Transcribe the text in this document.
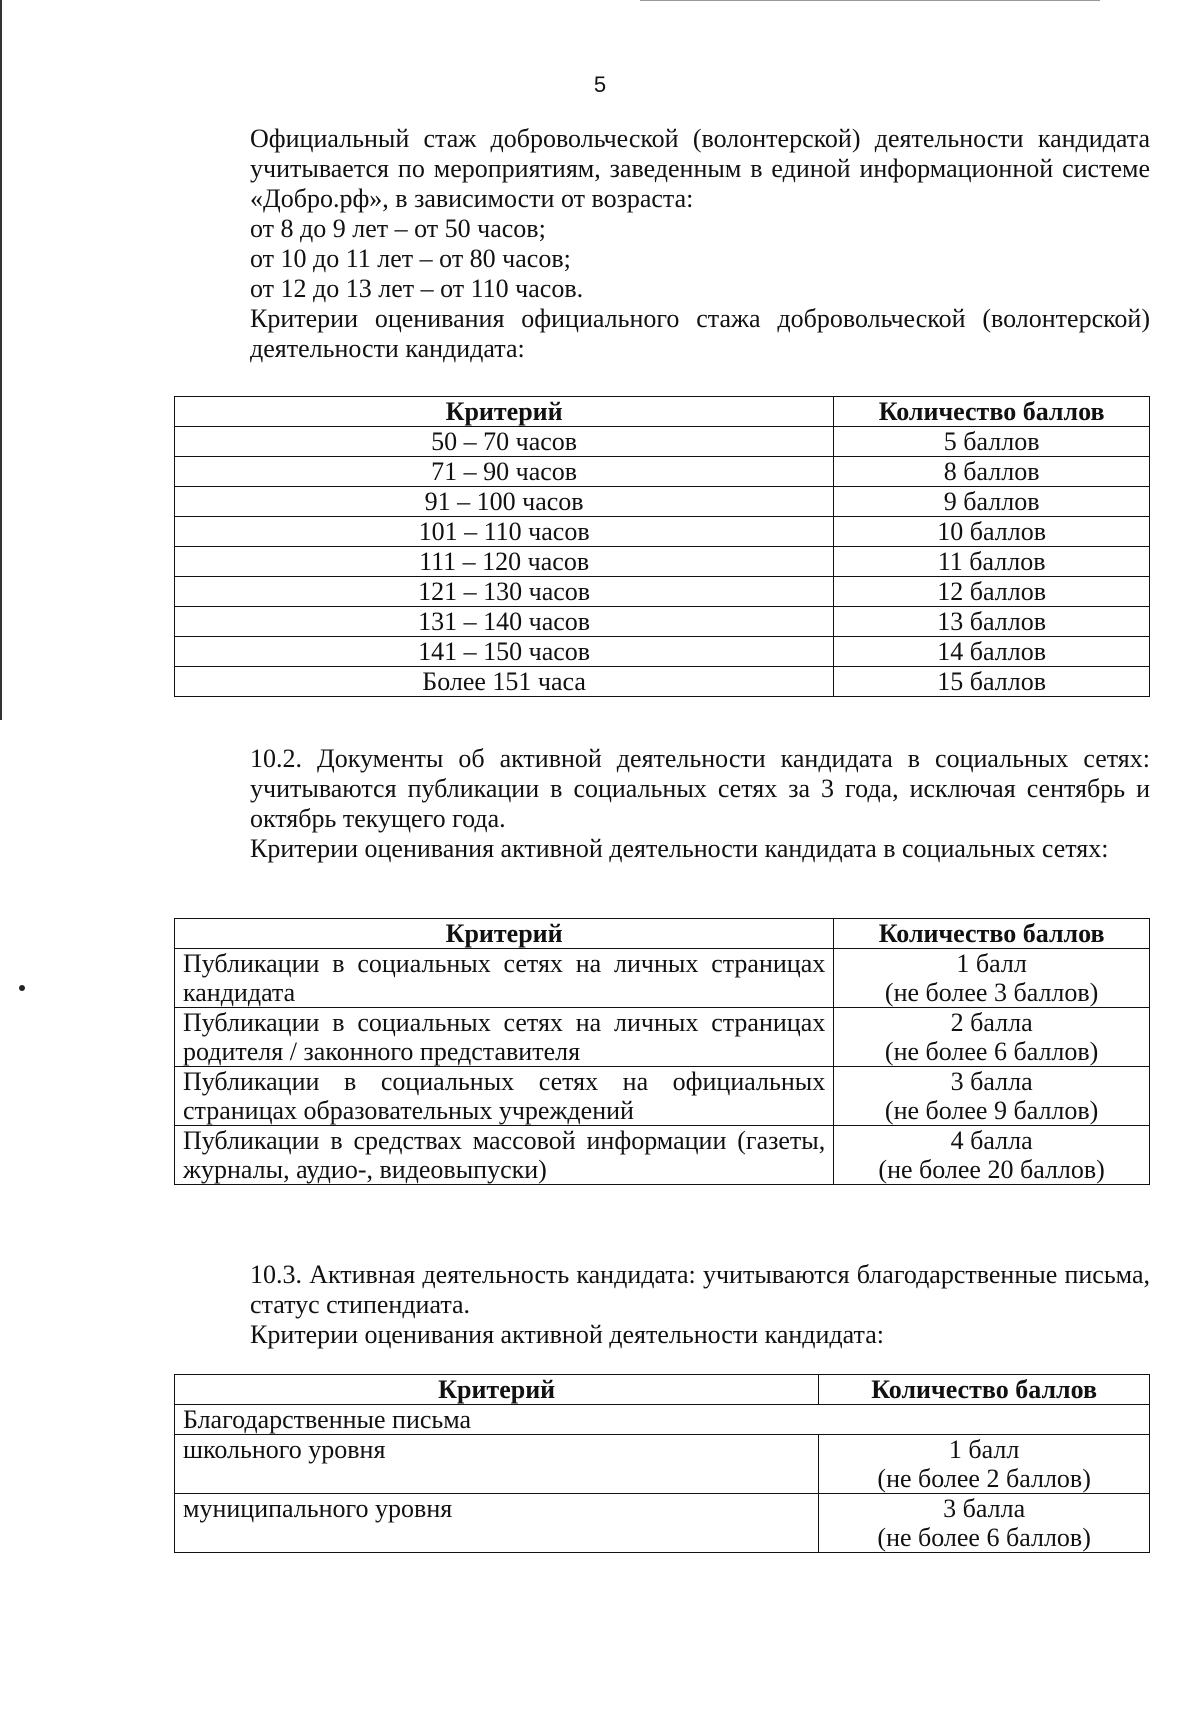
5
Официальный стаж добровольческой (волонтерской) деятельности кандидата учитывается по мероприятиям, заведенным в единой информационной системе «Добро.рф», в зависимости от возраста:
от 8 до 9 лет – от 50 часов;
от 10 до 11 лет – от 80 часов;
от 12 до 13 лет – от 110 часов.
Критерии оценивания официального стажа добровольческой (волонтерской) деятельности кандидата:
Критерий	Количество баллов
50 – 70 часов	5 баллов
71 – 90 часов	8 баллов
91 – 100 часов	9 баллов
101 – 110 часов	10 баллов
111 – 120 часов	11 баллов
121 – 130 часов	12 баллов
131 – 140 часов	13 баллов
141 – 150 часов	14 баллов
Более 151 часа	15 баллов
10.2. Документы об активной деятельности кандидата в социальных сетях: учитываются публикации в социальных сетях за 3 года, исключая сентябрь и октябрь текущего года.
Критерии оценивания активной деятельности кандидата в социальных сетях:
Критерий	Количество баллов
Публикации в социальных сетях на личных страницах кандидата	1 балл
(не более 3 баллов)

Публикации в социальных сетях на личных страницах родителя / законного представителя	2 балла
(не более 6 баллов)

Публикации в социальных сетях на официальных страницах образовательных учреждений	3 балла
(не более 9 баллов)

Публикации в средствах массовой информации (газеты, журналы, аудио-, видеовыпуски)	4 балла
(не более 20 баллов)
10.3. Активная деятельность кандидата: учитываются благодарственные письма, статус стипендиата.
Критерии оценивания активной деятельности кандидата:
Критерий	Количество баллов
Благодарственные письма	
школьного уровня	1 балл
(не более 2 баллов)

муниципального уровня	3 балла
(не более 6 баллов)
